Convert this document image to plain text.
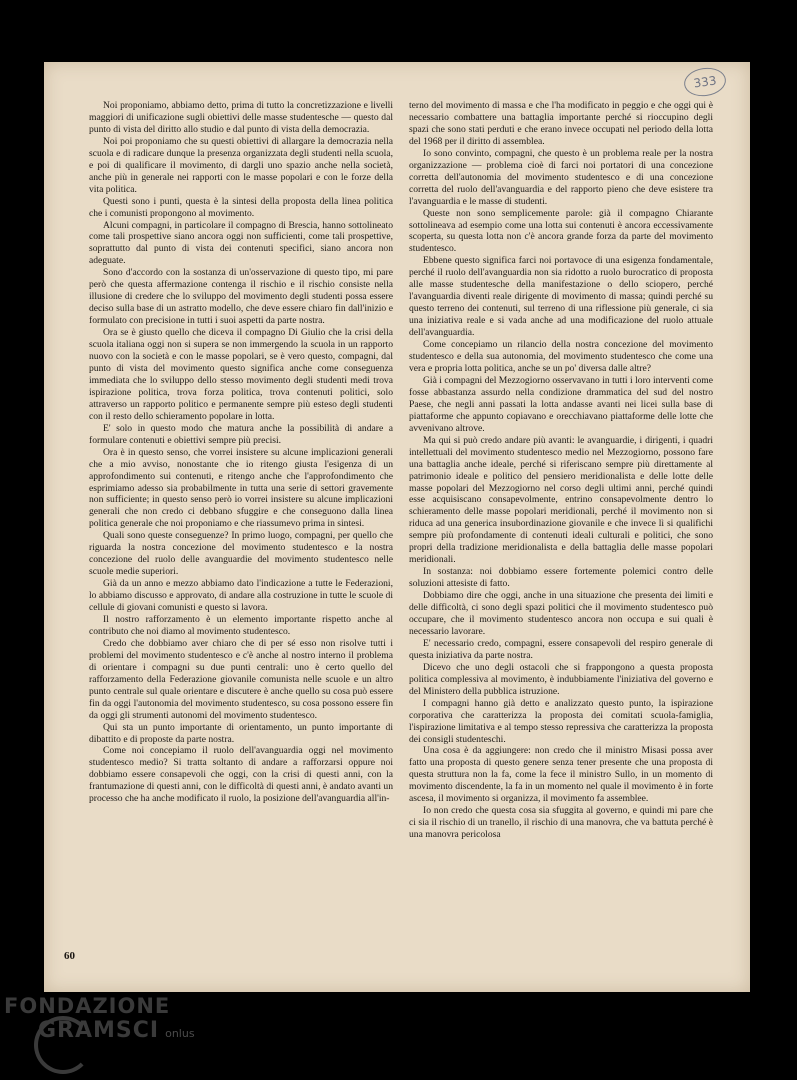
333

Noi proponiamo, abbiamo detto, prima di tutto la concretizzazione e livelli maggiori di unificazione sugli obiettivi delle masse studentesche — questo dal punto di vista del diritto allo studio e dal punto di vista della democrazia.

Noi poi proponiamo che su questi obiettivi di allargare la democrazia nella scuola e di radicare dunque la presenza organizzata degli studenti nella scuola, e poi di qualificare il movimento, di dargli uno spazio anche nella società, anche più in generale nei rapporti con le masse popolari e con le forze della vita politica.

Questi sono i punti, questa è la sintesi della proposta della linea politica che i comunisti propongono al movimento.

Alcuni compagni, in particolare il compagno di Brescia, hanno sottolineato come tali prospettive siano ancora oggi non sufficienti, come tali prospettive, soprattutto dal punto di vista dei contenuti specifici, siano ancora non adeguate.

Sono d'accordo con la sostanza di un'osservazione di questo tipo, mi pare però che questa affermazione contenga il rischio e il rischio consiste nella illusione di credere che lo sviluppo del movimento degli studenti possa essere deciso sulla base di un astratto modello, che deve essere chiaro fin dall'inizio e formulato con precisione in tutti i suoi aspetti da parte nostra.

Ora se è giusto quello che diceva il compagno Di Giulio che la crisi della scuola italiana oggi non si supera se non immergendo la scuola in un rapporto nuovo con la società e con le masse popolari, se è vero questo, compagni, dal punto di vista del movimento questo significa anche come conseguenza immediata che lo sviluppo dello stesso movimento degli studenti medi trova ispirazione politica, trova forza politica, trova contenuti politici, solo attraverso un rapporto politico e permanente sempre più esteso degli studenti con il resto dello schieramento popolare in lotta.

E' solo in questo modo che matura anche la possibilità di andare a formulare contenuti e obiettivi sempre più precisi.

Ora è in questo senso, che vorrei insistere su alcune implicazioni generali che a mio avviso, nonostante che io ritengo giusta l'esigenza di un approfondimento sui contenuti, e ritengo anche che l'approfondimento che esprimiamo adesso sia probabilmente in tutta una serie di settori gravemente non sufficiente; in questo senso però io vorrei insistere su alcune implicazioni generali che non credo ci debbano sfuggire e che conseguono dalla linea politica generale che noi proponiamo e che riassumevo prima in sintesi.

Quali sono queste conseguenze? In primo luogo, compagni, per quello che riguarda la nostra concezione del movimento studentesco e la nostra concezione del ruolo delle avanguardie del movimento studentesco nelle scuole medie superiori.

Già da un anno e mezzo abbiamo dato l'indicazione a tutte le Federazioni, lo abbiamo discusso e approvato, di andare alla costruzione in tutte le scuole di cellule di giovani comunisti e questo si lavora.

Il nostro rafforzamento è un elemento importante rispetto anche al contributo che noi diamo al movimento studentesco.

Credo che dobbiamo aver chiaro che di per sé esso non risolve tutti i problemi del movimento studentesco e c'è anche al nostro interno il problema di orientare i compagni su due punti centrali: uno è certo quello del rafforzamento della Federazione giovanile comunista nelle scuole e un altro punto centrale sul quale orientare e discutere è anche quello su cosa può essere fin da oggi l'autonomia del movimento studentesco, su cosa possono essere fin da oggi gli strumenti autonomi del movimento studentesco.

Qui sta un punto importante di orientamento, un punto importante di dibattito e di proposte da parte nostra.

Come noi concepiamo il ruolo dell'avanguardia oggi nel movimento studentesco medio? Si tratta soltanto di andare a rafforzarsi oppure noi dobbiamo essere consapevoli che oggi, con la crisi di questi anni, con la frantumazione di questi anni, con le difficoltà di questi anni, è andato avanti un processo che ha anche modificato il ruolo, la posizione dell'avanguardia all'in-

terno del movimento di massa e che l'ha modificato in peggio e che oggi qui è necessario combattere una battaglia importante perché si rioccupino degli spazi che sono stati perduti e che erano invece occupati nel periodo della lotta del 1968 per il diritto di assemblea.

Io sono convinto, compagni, che questo è un problema reale per la nostra organizzazione — problema cioè di farci noi portatori di una concezione corretta dell'autonomia del movimento studentesco e di una concezione corretta del ruolo dell'avanguardia e del rapporto pieno che deve esistere tra l'avanguardia e le masse di studenti.

Queste non sono semplicemente parole: già il compagno Chiarante sottolineava ad esempio come una lotta sui contenuti è ancora eccessivamente scoperta, su questa lotta non c'è ancora grande forza da parte del movimento studentesco.

Ebbene questo significa farci noi portavoce di una esigenza fondamentale, perché il ruolo dell'avanguardia non sia ridotto a ruolo burocratico di proposta alle masse studentesche della manifestazione o dello sciopero, perché l'avanguardia diventi reale dirigente di movimento di massa; quindi perché su questo terreno dei contenuti, sul terreno di una riflessione più generale, ci sia una iniziativa reale e si vada anche ad una modificazione del ruolo attuale dell'avanguardia.

Come concepiamo un rilancio della nostra concezione del movimento studentesco e della sua autonomia, del movimento studentesco che come una vera e propria lotta politica, anche se un po' diversa dalle altre?

Già i compagni del Mezzogiorno osservavano in tutti i loro interventi come fosse abbastanza assurdo nella condizione drammatica del sud del nostro Paese, che negli anni passati la lotta andasse avanti nei licei sulla base di piattaforme che appunto copiavano e orecchiavano piattaforme delle lotte che avvenivano altrove.

Ma qui si può credo andare più avanti: le avanguardie, i dirigenti, i quadri intellettuali del movimento studentesco medio nel Mezzogiorno, possono fare una battaglia anche ideale, perché si riferiscano sempre più direttamente al patrimonio ideale e politico del pensiero meridionalista e delle lotte delle masse popolari del Mezzogiorno nel corso degli ultimi anni, perché quindi esse acquisiscano consapevolmente, entrino consapevolmente dentro lo schieramento delle masse popolari meridionali, perché il movimento non si riduca ad una generica insubordinazione giovanile e che invece lì si qualifichi sempre più profondamente di contenuti ideali culturali e politici, che sono propri della tradizione meridionalista e della battaglia delle masse popolari meridionali.

In sostanza: noi dobbiamo essere fortemente polemici contro delle soluzioni attesiste di fatto.

Dobbiamo dire che oggi, anche in una situazione che presenta dei limiti e delle difficoltà, ci sono degli spazi politici che il movimento studentesco può occupare, che il movimento studentesco ancora non occupa e sui quali è necessario lavorare.

E' necessario credo, compagni, essere consapevoli del respiro generale di questa iniziativa da parte nostra.

Dicevo che uno degli ostacoli che si frappongono a questa proposta politica complessiva al movimento, è indubbiamente l'iniziativa del governo e del Ministero della pubblica istruzione.

I compagni hanno già detto e analizzato questo punto, la ispirazione corporativa che caratterizza la proposta dei comitati scuola-famiglia, l'ispirazione limitativa e al tempo stesso repressiva che caratterizza la proposta dei consigli studenteschi.

Una cosa è da aggiungere: non credo che il ministro Misasi possa aver fatto una proposta di questo genere senza tener presente che una proposta di questa struttura non la fa, come la fece il ministro Sullo, in un momento di movimento discendente, la fa in un momento nel quale il movimento è in forte ascesa, il movimento si organizza, il movimento fa assemblee.

Io non credo che questa cosa sia sfuggita al governo, e quindi mi pare che ci sia il rischio di un tranello, il rischio di una manovra, che va battuta perché è una manovra pericolosa

60
FONDAZIONE
GRAMSCI onlus
